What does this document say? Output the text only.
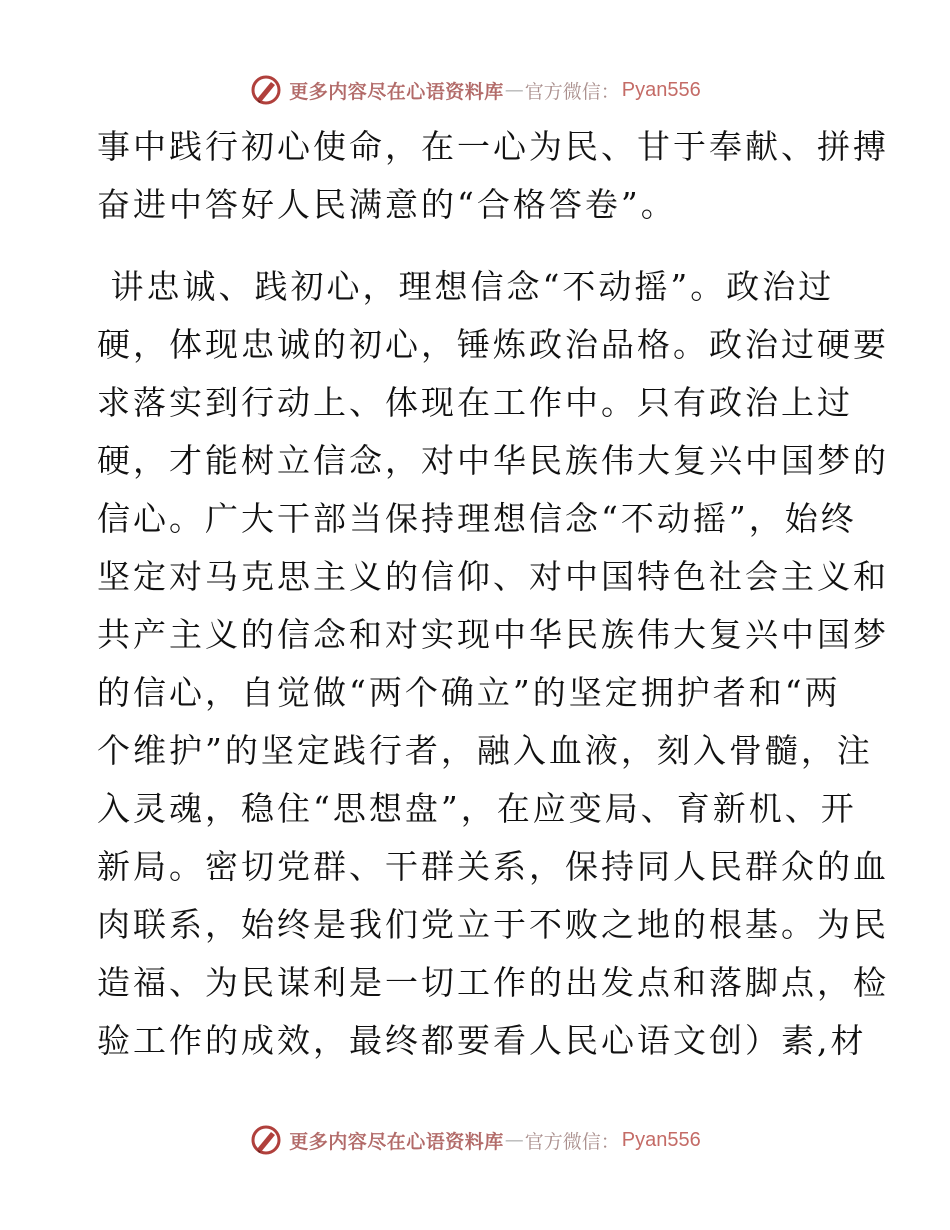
更多内容尽在心语资料库 — 官方微信： Pyan556
事中践行初心使命，在一心为民、甘于奉献、拼搏
奋进中答好人民满意的“合格答卷”。
讲忠诚、践初心，理想信念“不动摇”。政治过
硬，体现忠诚的初心，锤炼政治品格。政治过硬要
求落实到行动上、体现在工作中。只有政治上过
硬，才能树立信念，对中华民族伟大复兴中国梦的
信心。广大干部当保持理想信念“不动摇”，始终
坚定对马克思主义的信仰、对中国特色社会主义和
共产主义的信念和对实现中华民族伟大复兴中国梦
的信心，自觉做“两个确立”的坚定拥护者和“两
个维护”的坚定践行者，融入血液，刻入骨髓，注
入灵魂，稳住“思想盘”，在应变局、育新机、开
新局。密切党群、干群关系，保持同人民群众的血
肉联系，始终是我们党立于不败之地的根基。为民
造福、为民谋利是一切工作的出发点和落脚点，检
验工作的成效，最终都要看人民心语文创）素,材
更多内容尽在心语资料库 — 官方微信： Pyan556
